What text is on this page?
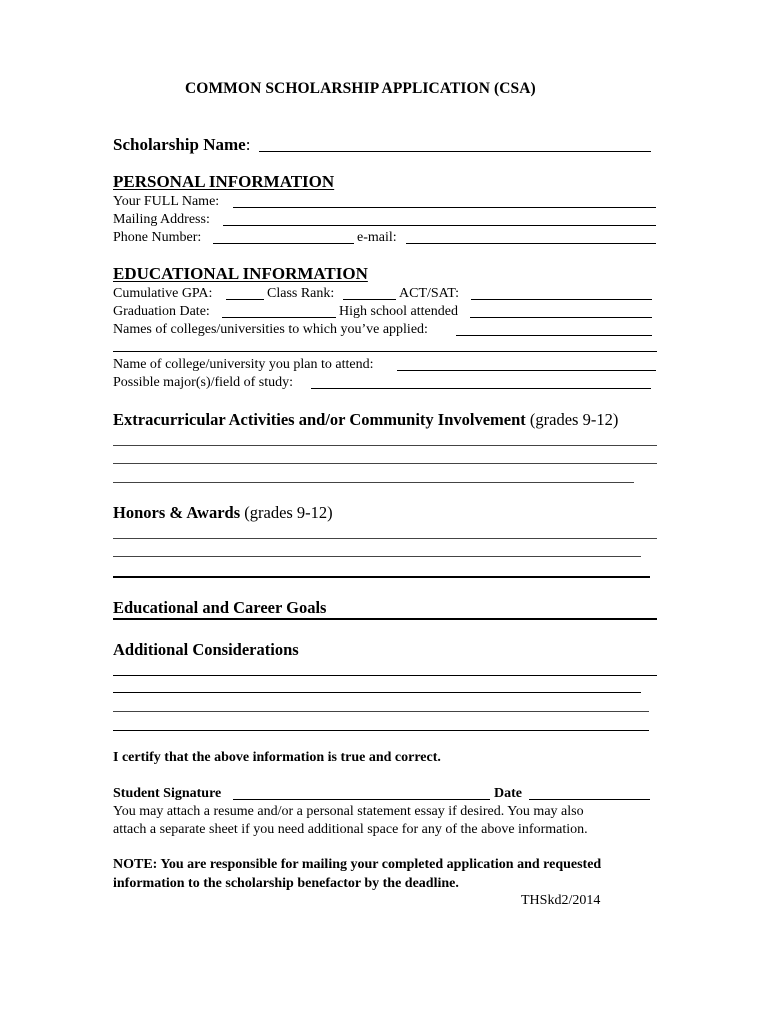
COMMON SCHOLARSHIP APPLICATION (CSA)
Scholarship Name:
PERSONAL INFORMATION
Your FULL Name:
Mailing Address:
Phone Number:	e-mail:
EDUCATIONAL INFORMATION
Cumulative GPA:	Class Rank:	ACT/SAT:
Graduation Date:	High school attended
Names of colleges/universities to which you’ve applied:
Name of college/university you plan to attend:
Possible major(s)/field of study:
Extracurricular Activities and/or Community Involvement (grades 9-12)
Honors & Awards (grades 9-12)
Educational and Career Goals
Additional Considerations
I certify that the above information is true and correct.
Student Signature	Date
You may attach a resume and/or a personal statement essay if desired. You may also
attach a separate sheet if you need additional space for any of the above information.
NOTE: You are responsible for mailing your completed application and requested
information to the scholarship benefactor by the deadline.
THSkd2/2014
